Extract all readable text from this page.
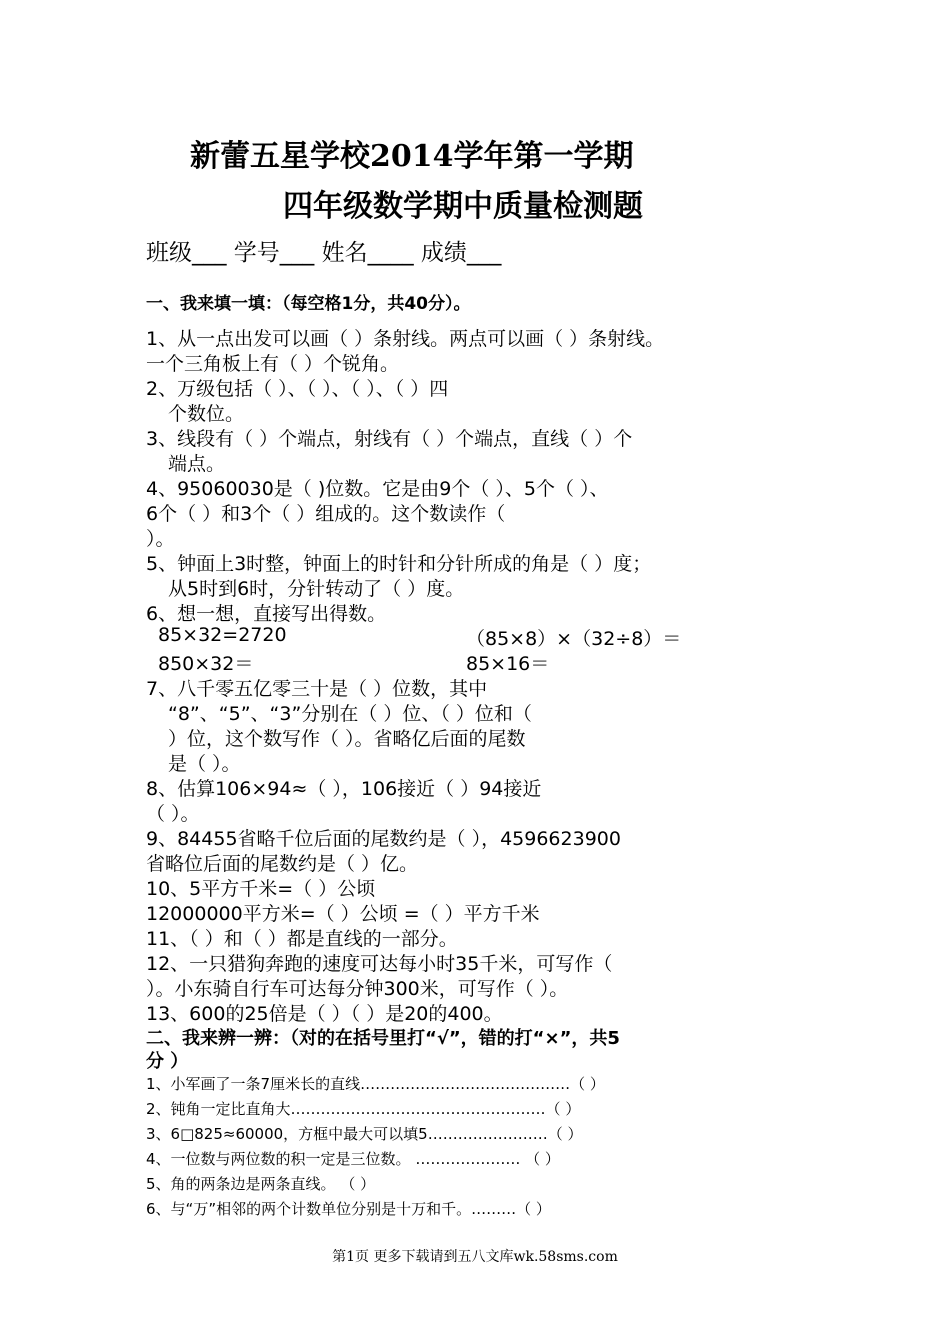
新蕾五星学校2014学年第一学期
四年级数学期中质量检测题
班级___ 学号___ 姓名____ 成绩___
一、我来填一填：（每空格1分，共40分）。
1、从一点出发可以画（ ）条射线。两点可以画（ ）条射线。
一个三角板上有（ ）个锐角。
2、万级包括（ ）、（ ）、（ ）、（ ）四
个数位。
3、线段有（ ）个端点，射线有（ ）个端点，直线（ ）个
端点。
4、95060030是（ )位数。它是由9个（ ）、5个（ ）、
6个（ ）和3个（ ）组成的。这个数读作（
）。
5、钟面上3时整，钟面上的时针和分针所成的角是（ ）度；
从5时到6时，分针转动了（ ）度。
6、想一想，直接写出得数。
85×32=2720	（85×8）×（32÷8）＝
850×32＝	85×16＝
7、八千零五亿零三十是（ ）位数，其中
“8”、“5”、“3”分别在（ ）位、（ ）位和（
）位，这个数写作（ ）。省略亿后面的尾数
是（ ）。
8、估算106×94≈（ ），106接近（ ）94接近
（ ）。
9、84455省略千位后面的尾数约是（ ），4596623900
省略位后面的尾数约是（ ）亿。
10、5平方千米=（ ）公顷
12000000平方米=（ ）公顷 =（ ）平方千米
11、（ ）和（ ）都是直线的一部分。
12、一只猎狗奔跑的速度可达每小时35千米，可写作（
）。小东骑自行车可达每分钟300米，可写作（ ）。
13、600的25倍是（ ）（ ）是20的400。
二、我来辨一辨：（对的在括号里打“√”，错的打“×”，共5
分 ）
1、小军画了一条7厘米长的直线……………………………………（ ）
2、钝角一定比直角大……………………………………………（ ）
3、6□825≈60000，方框中最大可以填5……………………（ ）
4、一位数与两位数的积一定是三位数。 ………………… （ ）
5、角的两条边是两条直线。 （ ）
6、与“万”相邻的两个计数单位分别是十万和千。………（ ）
第1页 更多下载请到五八文库wk.58sms.com
